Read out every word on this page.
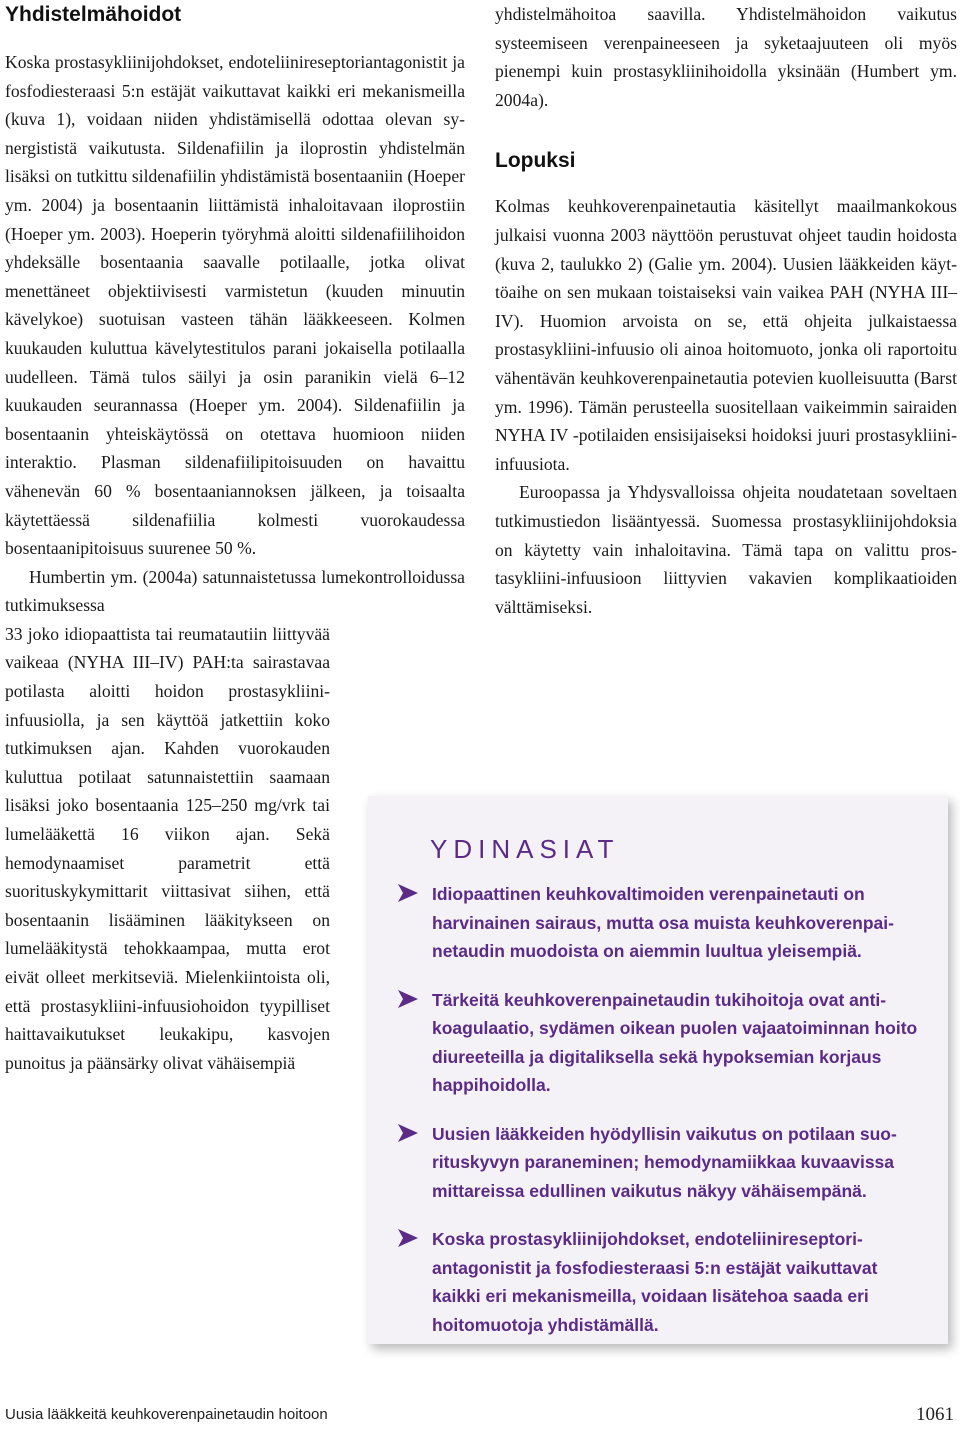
Yhdistelmähoidot

Koska prostasykliinijohdokset, endoteliinireseptoriantagonistit ja fosfodiesteraasi 5:n estäjät vaikuttavat kaikki eri mekanismeilla (kuva 1), voidaan niiden yhdistämisellä odottaa olevan synergististä vaikutusta. Sildenafiilin ja iloprostin yhdistelmän lisäksi on tutkittu sildenafiilin yhdistämistä bosentaaniin (Hoeper ym. 2004) ja bosentaanin liittämistä inhaloitavaan iloprostiin (Hoeper ym. 2003). Hoeperin työryhmä aloitti sildenafiilihoidon yhdeksälle bosentaania saavalle potilaalle, jotka olivat menettäneet objektiivisesti varmistetun (kuuden minuutin kävelykoe) suotuisan vasteen tähän lääkkeeseen. Kolmen kuukauden kuluttua kävelytestitulos parani jokaisella potilaalla uudelleen. Tämä tulos säilyi ja osin paranikin vielä 6–12 kuukauden seurannassa (Hoeper ym. 2004). Sildenafiilin ja bosentaanin yhteiskäytössä on otettava huomioon niiden interaktio. Plasman sildenafiilipitoisuuden on havaittu vähenevän 60 % bosentaaniannoksen jälkeen, ja toisaalta käytettäessä sildenafiilia kolmesti vuorokaudessa bosentaanipitoisuus suurenee 50 %.

Humbertin ym. (2004a) satunnaistetussa lumekontrolloidussa tutkimuksessa

33 joko idiopaattista tai reumatautiin liittyvää vaikeaa (NYHA III–IV) PAH:ta sairastavaa potilasta aloitti hoidon prostasykliini-infuusiolla, ja sen käyttöä jatkettiin koko tutkimuksen ajan. Kahden vuorokauden kuluttua potilaat satunnaistettiin saamaan lisäksi joko bosentaania 125–250 mg/vrk tai lumelääkettä 16 viikon ajan. Sekä hemodynaamiset parametrit että suorituskykymittarit viittasivat siihen, että bosentaanin lisääminen lääkitykseen on lumelääkitystä tehokkaampaa, mutta erot eivät olleet merkitseviä. Mielenkiintoista oli, että prostasykliini-infuusiohoidon tyypilliset haittavaikutukset leukakipu, kasvojen punoitus ja päänsärky olivat vähäisempiä

yhdistelmähoitoa saavilla. Yhdistelmähoidon vaikutus systeemiseen verenpaineeseen ja syketaajuuteen oli myös pienempi kuin prostasykliinihoidolla yksinään (Humbert ym. 2004a).

Lopuksi

Kolmas keuhkoverenpainetautia käsitellyt maailmankokous julkaisi vuonna 2003 näyttöön perustuvat ohjeet taudin hoidosta (kuva 2, taulukko 2) (Galie ym. 2004). Uusien lääkkeiden käyttöaihe on sen mukaan toistaiseksi vain vaikea PAH (NYHA III–IV). Huomion arvoista on se, että ohjeita julkaistaessa prostasykliini-infuusio oli ainoa hoitomuoto, jonka oli raportoitu vähentävän keuhkoverenpainetautia potevien kuolleisuutta (Barst ym. 1996). Tämän perusteella suositellaan vaikeimmin sairaiden NYHA IV -potilaiden ensisijaiseksi hoidoksi juuri prostasykliini-infuusiota.

Euroopassa ja Yhdysvalloissa ohjeita noudatetaan soveltaen tutkimustiedon lisääntyessä. Suomessa prostasykliinijohdoksia on käytetty vain inhaloitavina. Tämä tapa on valittu prostasykliini-infuusioon liittyvien vakavien komplikaatioiden välttämiseksi.

YDINASIAT
Idiopaattinen keuhkovaltimoiden verenpainetauti on harvinainen sairaus, mutta osa muista keuhkoverenpainetaudin muodoista on aiemmin luultua yleisempiä.
Tärkeitä keuhkoverenpainetaudin tukihoitoja ovat antikoagulaatio, sydämen oikean puolen vajaatoiminnan hoito diureeteilla ja digitaliksella sekä hypoksemian korjaus happihoidolla.
Uusien lääkkeiden hyödyllisin vaikutus on potilaan suorituskyvyn paraneminen; hemodynamiikkaa kuvaavissa mittareissa edullinen vaikutus näkyy vähäisempänä.
Koska prostasykliinijohdokset, endoteliinireseptoriantagonistit ja fosfodiesteraasi 5:n estäjät vaikuttavat kaikki eri mekanismeilla, voidaan lisätehoa saada eri hoitomuotoja yhdistämällä.
Uusia lääkkeitä keuhkoverenpainetaudin hoitoon	1061
